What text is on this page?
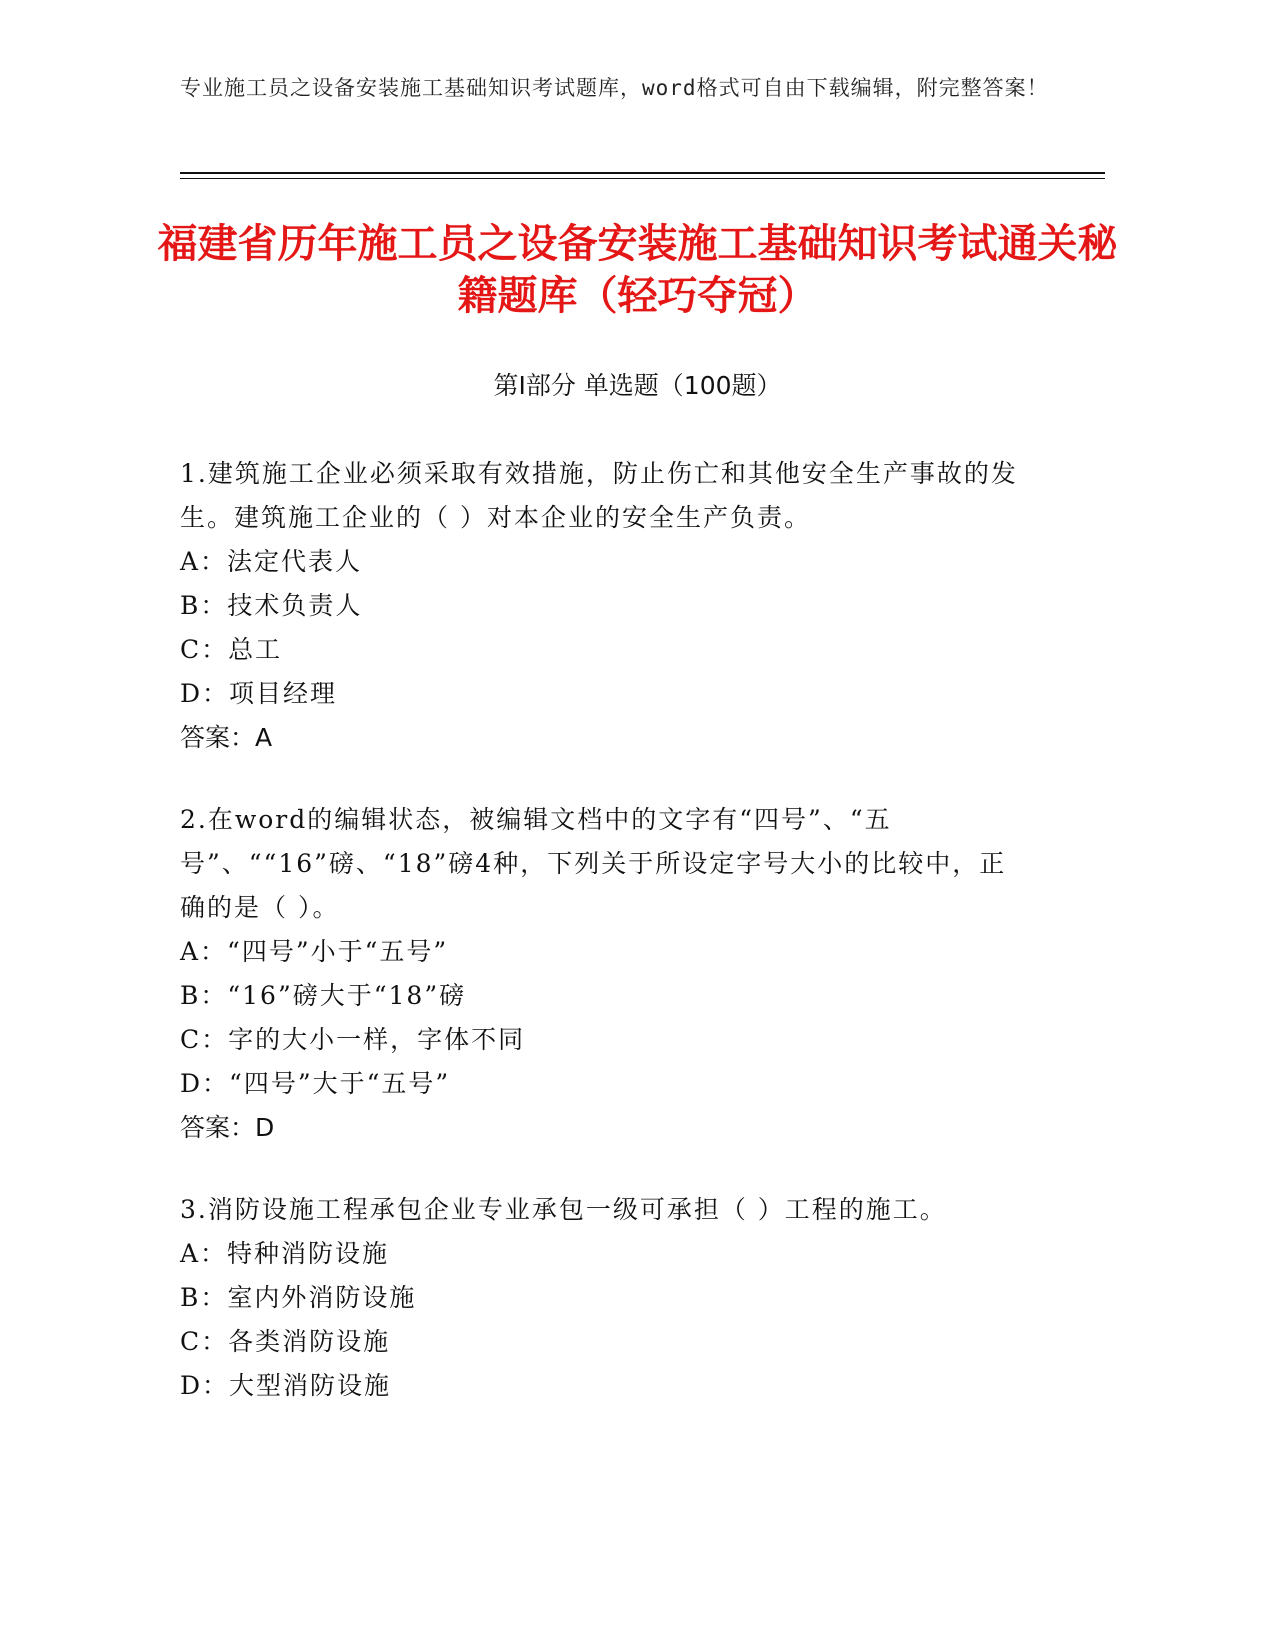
专业施工员之设备安装施工基础知识考试题库，word格式可自由下载编辑，附完整答案！
福建省历年施工员之设备安装施工基础知识考试通关秘籍题库（轻巧夺冠）
第Ⅰ部分 单选题（100题）
1.建筑施工企业必须采取有效措施，防止伤亡和其他安全生产事故的发生。建筑施工企业的（ ）对本企业的安全生产负责。
A：法定代表人
B：技术负责人
C：总工
D：项目经理
答案：A
2.在word的编辑状态，被编辑文档中的文字有“四号”、“五号”、““16”磅、“18”磅4种，下列关于所设定字号大小的比较中，正确的是（ ）。
A：“四号”小于“五号”
B：“16”磅大于“18”磅
C：字的大小一样，字体不同
D：“四号”大于“五号”
答案：D
3.消防设施工程承包企业专业承包一级可承担（ ）工程的施工。
A：特种消防设施
B：室内外消防设施
C：各类消防设施
D：大型消防设施
